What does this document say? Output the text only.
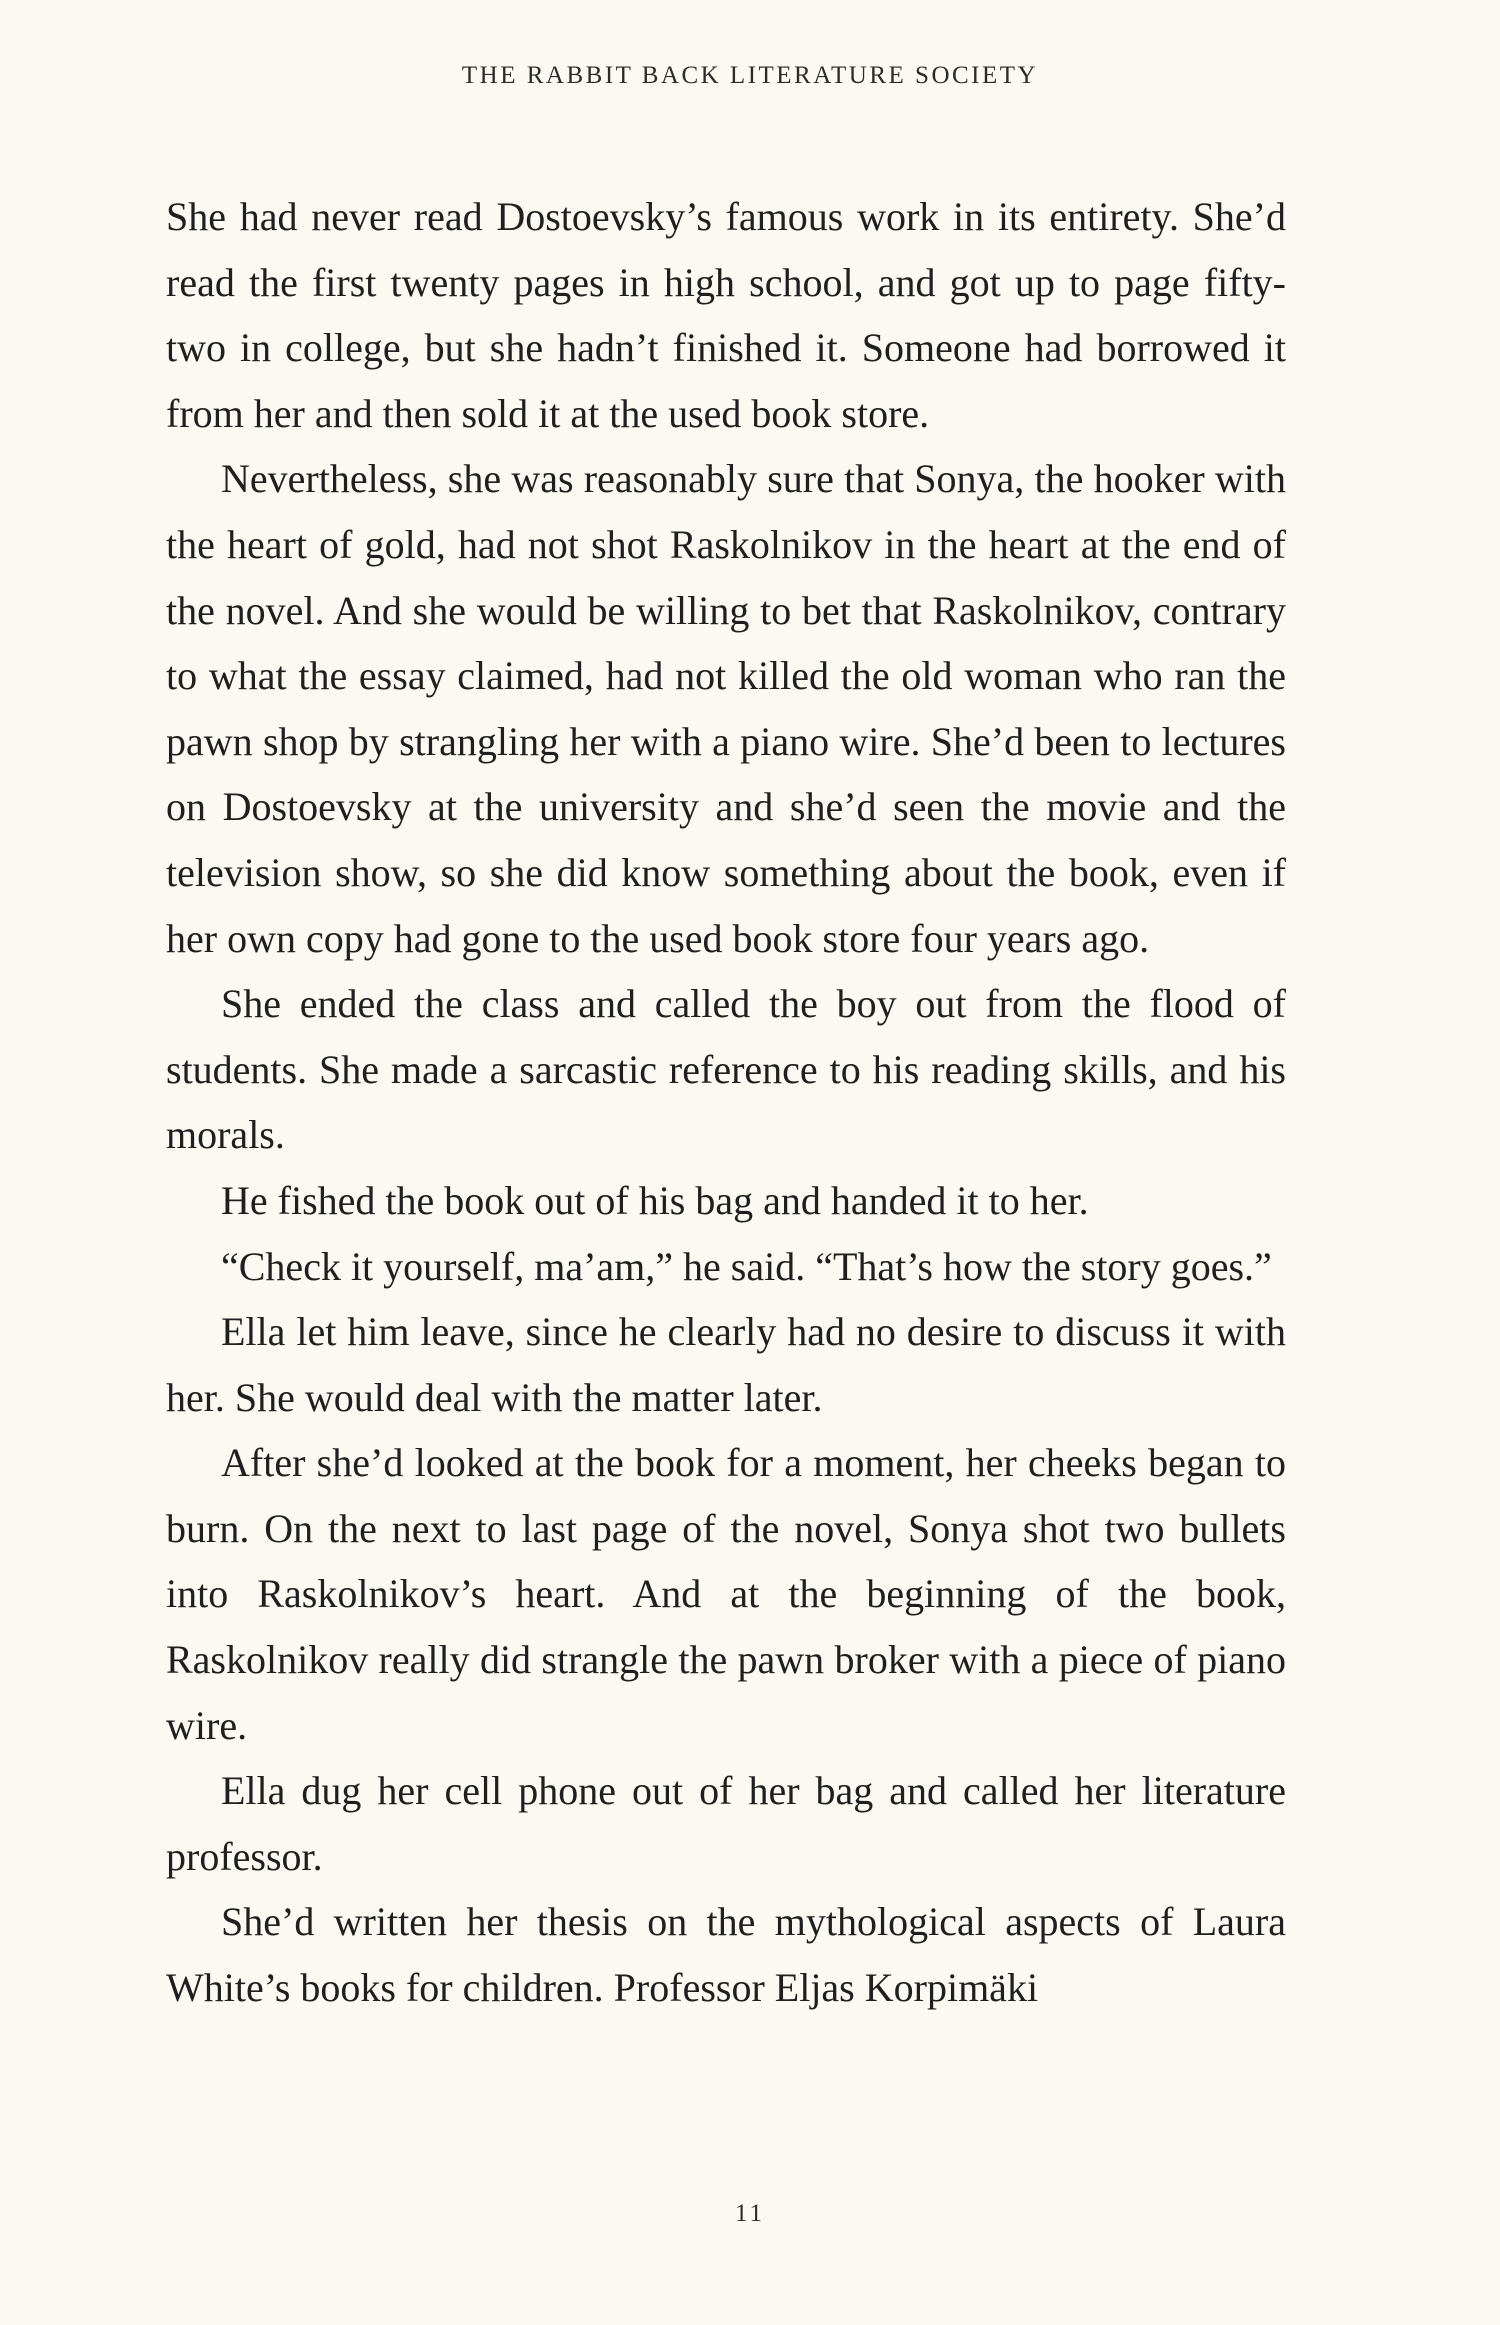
THE RABBIT BACK LITERATURE SOCIETY

She had never read Dostoevsky’s famous work in its entirety. She’d read the first twenty pages in high school, and got up to page fifty-two in college, but she hadn’t finished it. Someone had borrowed it from her and then sold it at the used book store.

Nevertheless, she was reasonably sure that Sonya, the hooker with the heart of gold, had not shot Raskolnikov in the heart at the end of the novel. And she would be willing to bet that Raskolnikov, contrary to what the essay claimed, had not killed the old woman who ran the pawn shop by strangling her with a piano wire. She’d been to lectures on Dostoevsky at the university and she’d seen the movie and the television show, so she did know something about the book, even if her own copy had gone to the used book store four years ago.

She ended the class and called the boy out from the flood of students. She made a sarcastic reference to his reading skills, and his morals.

He fished the book out of his bag and handed it to her.

“Check it yourself, ma’am,” he said. “That’s how the story goes.”

Ella let him leave, since he clearly had no desire to discuss it with her. She would deal with the matter later.

After she’d looked at the book for a moment, her cheeks began to burn. On the next to last page of the novel, Sonya shot two bullets into Raskolnikov’s heart. And at the beginning of the book, Raskolnikov really did strangle the pawn broker with a piece of piano wire.

Ella dug her cell phone out of her bag and called her literature professor.

She’d written her thesis on the mythological aspects of Laura White’s books for children. Professor Eljas Korpimäki

11
